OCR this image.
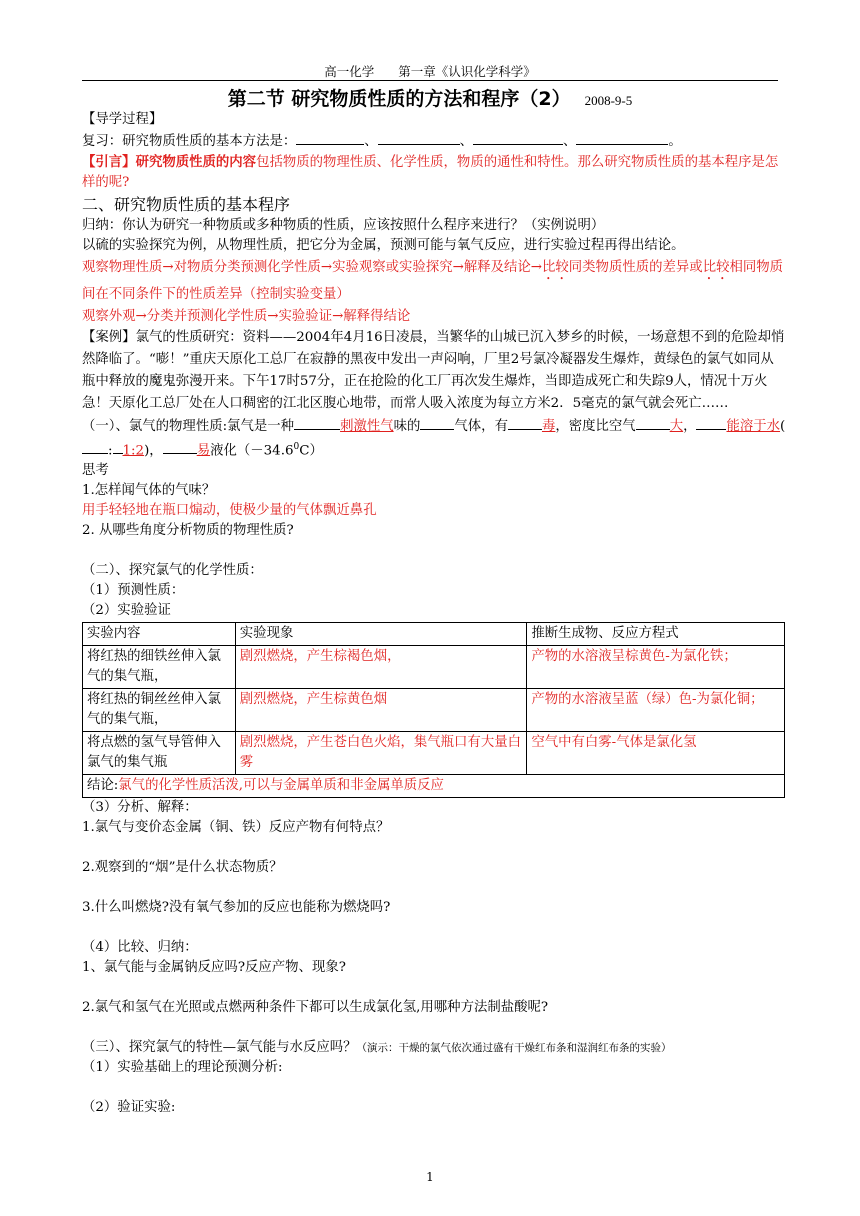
高一化学 第一章《认识化学科学》
第二节 研究物质性质的方法和程序（2） 2008-9-5
【导学过程】
复习：研究物质性质的基本方法是：	、	、	、	。
【引言】研究物质性质的内容包括物质的物理性质、化学性质，物质的通性和特性。那么研究物质性质的基本程序是怎样的呢?
二、研究物质性质的基本程序
归纳：你认为研究一种物质或多种物质的性质，应该按照什么程序来进行？（实例说明）
以硫的实验探究为例，从物理性质，把它分为金属，预测可能与氧气反应，进行实验过程再得出结论。
观察物理性质→对物质分类预测化学性质→实验观察或实验探究→解释及结论→比较同类物质性质的差异或比较相同物质间在不同条件下的性质差异（控制实验变量）
观察外观→分类并预测化学性质→实验验证→解释得结论
【案例】氯气的性质研究：资料——2004年4月16日凌晨，当繁华的山城已沉入梦乡的时候，一场意想不到的危险却悄然降临了。“嘭！”重庆天原化工总厂在寂静的黑夜中发出一声闷响，厂里2号氯冷凝器发生爆炸，黄绿色的氯气如同从瓶中释放的魔鬼弥漫开来。下午17时57分，正在抢险的化工厂再次发生爆炸，当即造成死亡和失踪9人，情况十万火急！天原化工总厂处在人口稠密的江北区腹心地带，而常人吸入浓度为每立方米2．5毫克的氯气就会死亡……
（一）、氯气的物理性质:氯气是一种	刺激性气味的	气体，有	毒，密度比空气	大， 能溶于水(: 1:2)，	易液化$(-34.6^0C)$
思考
1.怎样闻气体的气味？
用手轻轻地在瓶口煽动，使极少量的气体飘近鼻孔
2. 从哪些角度分析物质的物理性质?
（二）、探究氯气的化学性质：
（1）预测性质：
（2）实验验证
实验内容	实验现象	推断生成物、反应方程式
将红热的细铁丝伸入氯气的集气瓶，	剧烈燃烧，产生棕褐色烟，	产物的水溶液呈棕黄色-为氯化铁；
将红热的铜丝丝伸入氯气的集气瓶，	剧烈燃烧，产生棕黄色烟	产物的水溶液呈蓝（绿）色-为氯化铜；
将点燃的氢气导管伸入氯气的集气瓶	剧烈燃烧，产生苍白色火焰，集气瓶口有大量白雾	空气中有白雾-气体是氯化氢
结论:氯气的化学性质活泼,可以与金属单质和非金属单质反应		
（3）分析、解释：
1.氯气与变价态金属（铜、铁）反应产物有何特点？
2.观察到的“烟”是什么状态物质？
3.什么叫燃烧?没有氧气参加的反应也能称为燃烧吗?
（4）比较、归纳：
1、氯气能与金属钠反应吗?反应产物、现象?
2.氯气和氢气在光照或点燃两种条件下都可以生成氯化氢,用哪种方法制盐酸呢?
（三）、探究氯气的特性—氯气能与水反应吗？（演示：干燥的氯气依次通过盛有干燥红布条和湿润红布条的实验）
（1）实验基础上的理论预测分析:
（2）验证实验:
1
